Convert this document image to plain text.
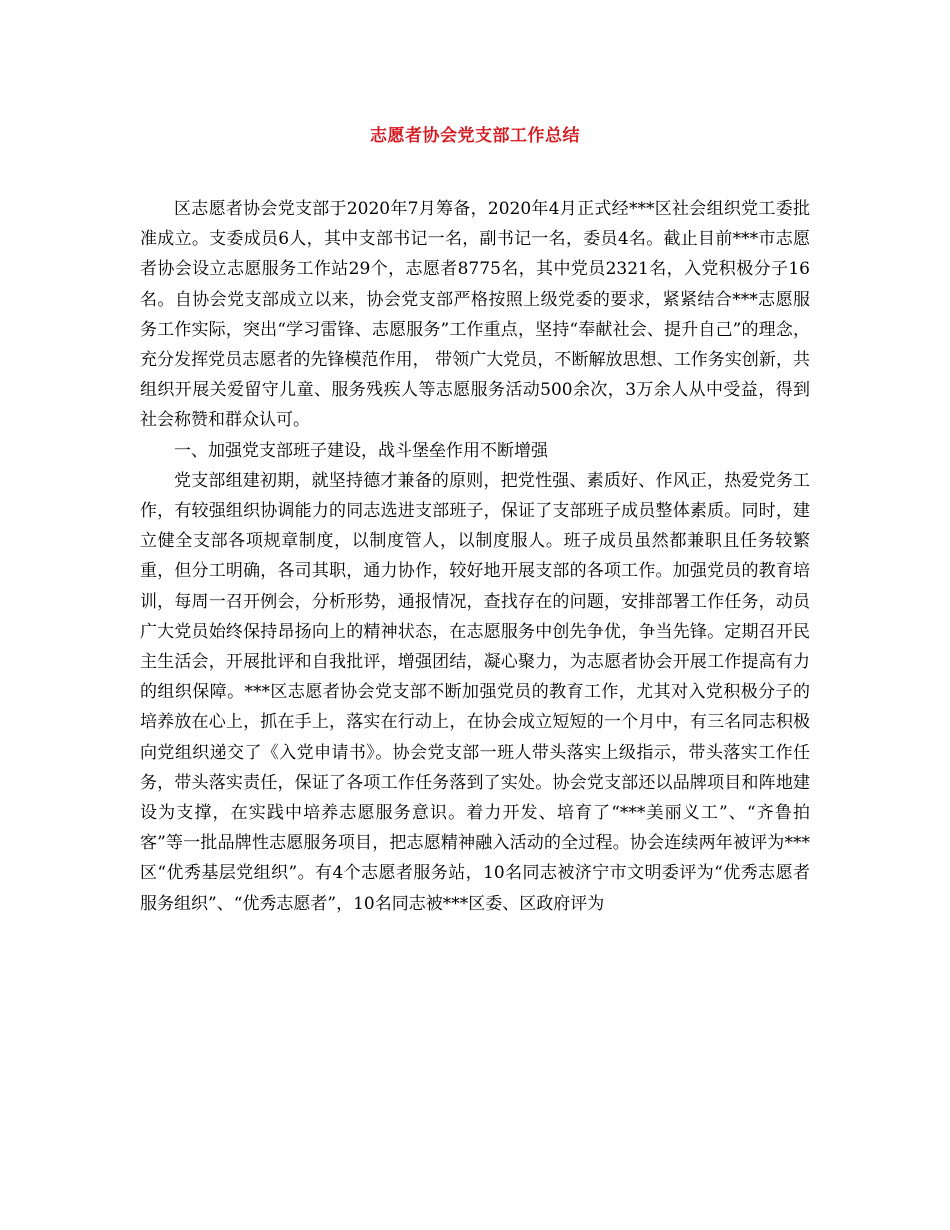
志愿者协会党支部工作总结

区志愿者协会党支部于2020年7月筹备，2020年4月正式经***区社会组织党工委批准成立。支委成员6人，其中支部书记一名，副书记一名，委员4名。截止目前***市志愿者协会设立志愿服务工作站29个，志愿者8775名，其中党员2321名，入党积极分子16名。自协会党支部成立以来，协会党支部严格按照上级党委的要求，紧紧结合***志愿服务工作实际，突出“学习雷锋、志愿服务”工作重点，坚持“奉献社会、提升自己”的理念，充分发挥党员志愿者的先锋模范作用， 带领广大党员，不断解放思想、工作务实创新，共组织开展关爱留守儿童、服务残疾人等志愿服务活动500余次，3万余人从中受益，得到社会称赞和群众认可。

一、加强党支部班子建设，战斗堡垒作用不断增强

党支部组建初期，就坚持德才兼备的原则，把党性强、素质好、作风正，热爱党务工作，有较强组织协调能力的同志选进支部班子，保证了支部班子成员整体素质。同时，建立健全支部各项规章制度，以制度管人，以制度服人。班子成员虽然都兼职且任务较繁重，但分工明确，各司其职，通力协作，较好地开展支部的各项工作。加强党员的教育培训，每周一召开例会，分析形势，通报情况，查找存在的问题，安排部署工作任务，动员广大党员始终保持昂扬向上的精神状态，在志愿服务中创先争优，争当先锋。定期召开民主生活会，开展批评和自我批评，增强团结，凝心聚力，为志愿者协会开展工作提高有力的组织保障。***区志愿者协会党支部不断加强党员的教育工作，尤其对入党积极分子的培养放在心上，抓在手上，落实在行动上，在协会成立短短的一个月中，有三名同志积极向党组织递交了《入党申请书》。协会党支部一班人带头落实上级指示，带头落实工作任务，带头落实责任，保证了各项工作任务落到了实处。协会党支部还以品牌项目和阵地建设为支撑，在实践中培养志愿服务意识。着力开发、培育了“***美丽义工”、“齐鲁拍客”等一批品牌性志愿服务项目，把志愿精神融入活动的全过程。协会连续两年被评为***区“优秀基层党组织”。有4个志愿者服务站，10名同志被济宁市文明委评为“优秀志愿者服务组织”、“优秀志愿者”，10名同志被***区委、区政府评为
